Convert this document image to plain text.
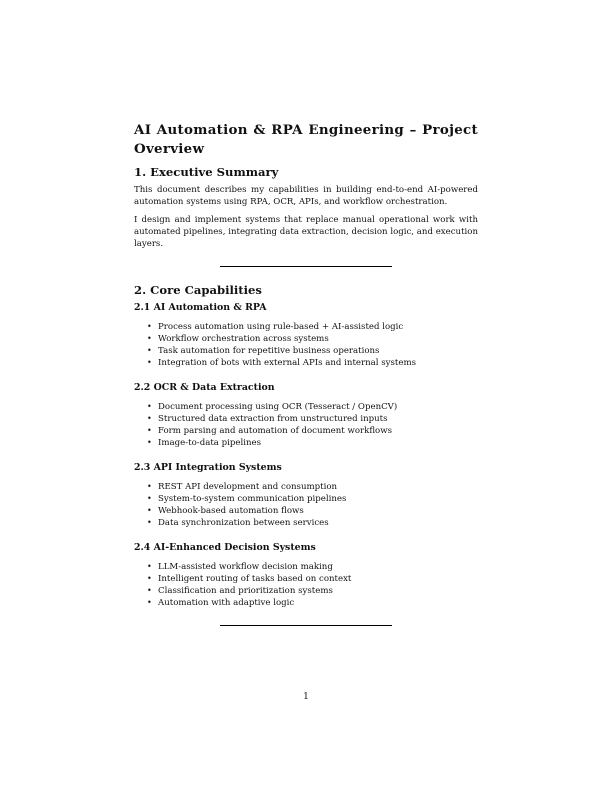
AI Automation & RPA Engineering – Project Overview
1. Executive Summary

This document describes my capabilities in building end-to-end AI-powered automation systems using RPA, OCR, APIs, and workflow orchestration.

I design and implement systems that replace manual operational work with automated pipelines, integrating data extraction, decision logic, and execution layers.

2. Core Capabilities
2.1 AI Automation & RPA
• Process automation using rule-based + AI-assisted logic
• Workflow orchestration across systems
• Task automation for repetitive business operations
• Integration of bots with external APIs and internal systems
2.2 OCR & Data Extraction
• Document processing using OCR (Tesseract / OpenCV)
• Structured data extraction from unstructured inputs
• Form parsing and automation of document workflows
• Image-to-data pipelines
2.3 API Integration Systems
• REST API development and consumption
• System-to-system communication pipelines
• Webhook-based automation flows
• Data synchronization between services
2.4 AI-Enhanced Decision Systems
• LLM-assisted workflow decision making
• Intelligent routing of tasks based on context
• Classification and prioritization systems
• Automation with adaptive logic
1
